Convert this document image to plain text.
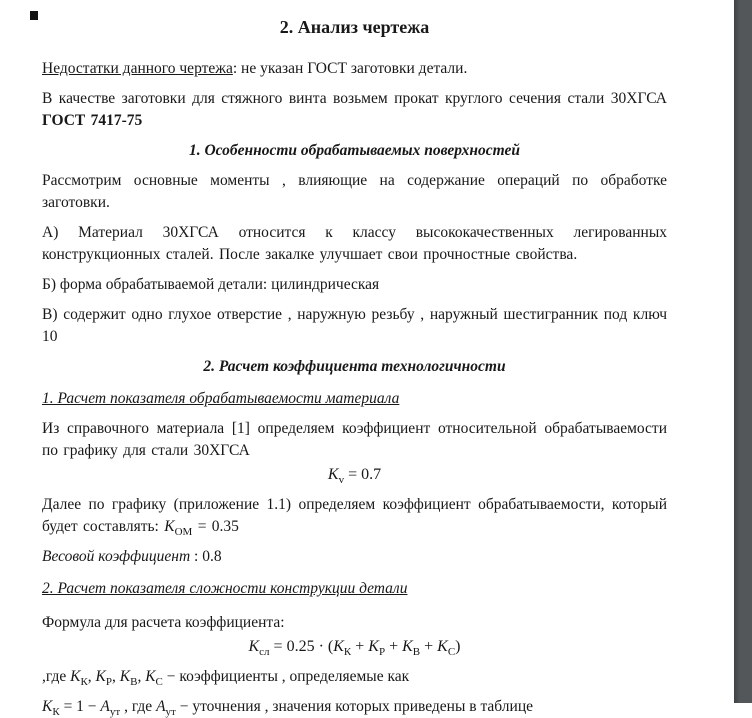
2. Анализ чертежа

Недостатки данного чертежа: не указан ГОСТ заготовки детали.

В качестве заготовки для стяжного винта возьмем прокат круглого сечения стали 30ХГСА ГОСТ 7417-75

1. Особенности обрабатываемых поверхностей

Рассмотрим основные моменты , влияющие на содержание операций по обработке заготовки.

А) Материал 30ХГСА относится к классу высококачественных легированных конструкционных сталей. После закалке улучшает свои прочностные свойства.

Б) форма обрабатываемой детали: цилиндрическая

В) содержит одно глухое отверстие , наружную резьбу , наружный шестигранник под ключ 10

2. Расчет коэффициента технологичности
1. Расчет показателя обрабатываемости материала

Из справочного материала [1] определяем коэффициент относительной обрабатываемости по графику для стали 30ХГСА

$K_v = 0.7$

Далее по графику (приложение 1.1) определяем коэффициент обрабатываемости, который будет составлять: $K_{ОМ} = 0.35$

Весовой коэффициент : 0.8

2. Расчет показателя сложности конструкции детали

Формула для расчета коэффициента:

$K_{сл} = 0.25 \cdot (K_К + K_Р + K_В + K_С)$

,где $K_К$, $K_Р$, $K_В$, $K_С$ − коэффициенты , определяемые как

$K_К = 1 - A_{ут}$ , где $A_{ут}$ − уточнения , значения которых приведены в таблице
